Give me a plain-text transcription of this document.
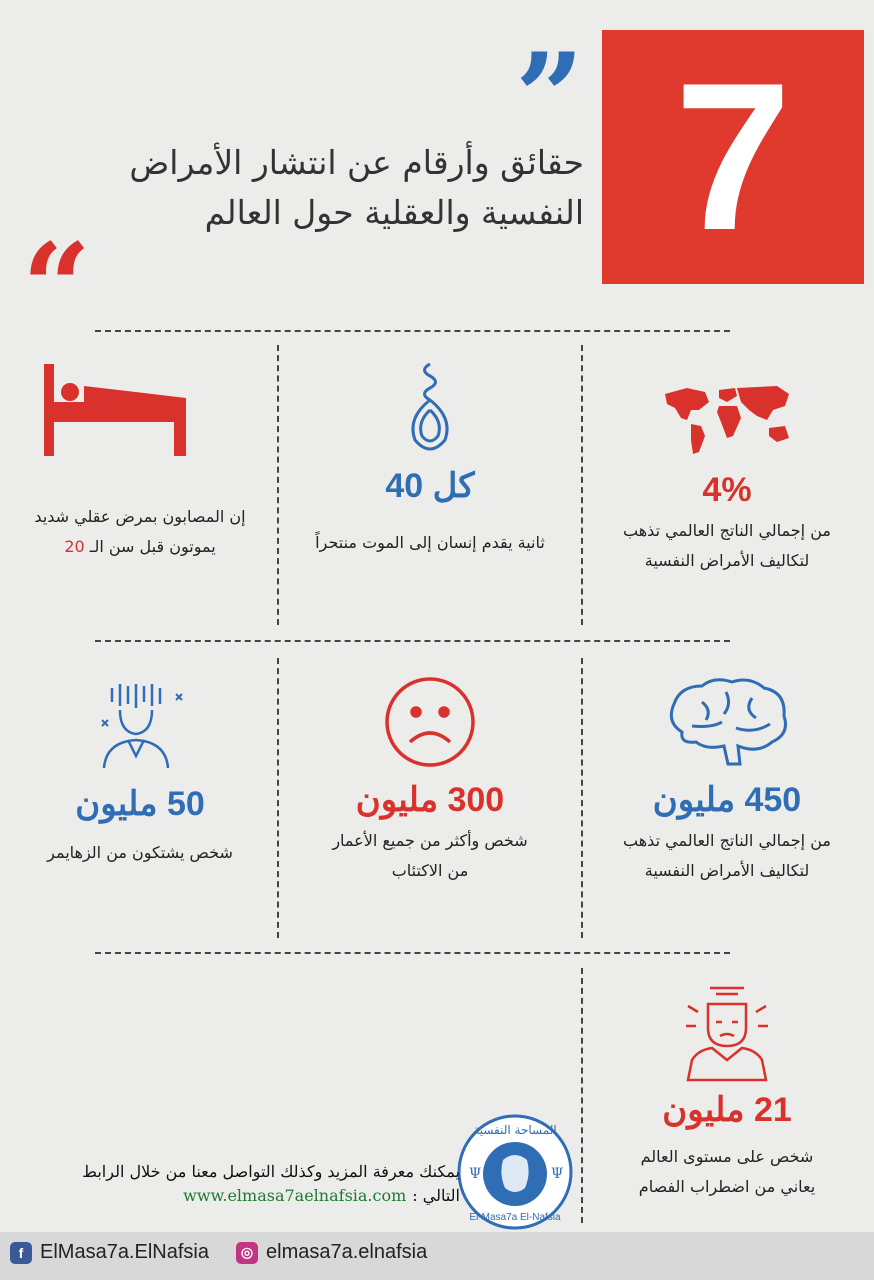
7
”
“
حقائق وأرقام عن انتشار الأمراض
النفسية والعقلية حول العالم
4%
من إجمالي الناتج العالمي تذهب
لتكاليف الأمراض النفسية
كل 40
ثانية يقدم إنسان إلى الموت منتحراً
إن المصابون بمرض عقلي شديد
يموتون قبل سن الـ 20
450 مليون
من إجمالي الناتج العالمي تذهب
لتكاليف الأمراض النفسية
300 مليون
شخص وأكثر من جميع الأعمار
من الاكتئاب
50 مليون
شخص يشتكون من الزهايمر
21 مليون
شخص على مستوى العالم
يعاني من اضطراب الفصام
المساحة النفسية
El-Masa7a El-Nafsia
Ψ	Ψ
يمكنك معرفة المزيد وكذلك التواصل معنا من خلال الرابط
التالي :
www.elmasa7aelnafsia.com
f ElMasa7a.ElNafsia	◎ elmasa7a.elnafsia
